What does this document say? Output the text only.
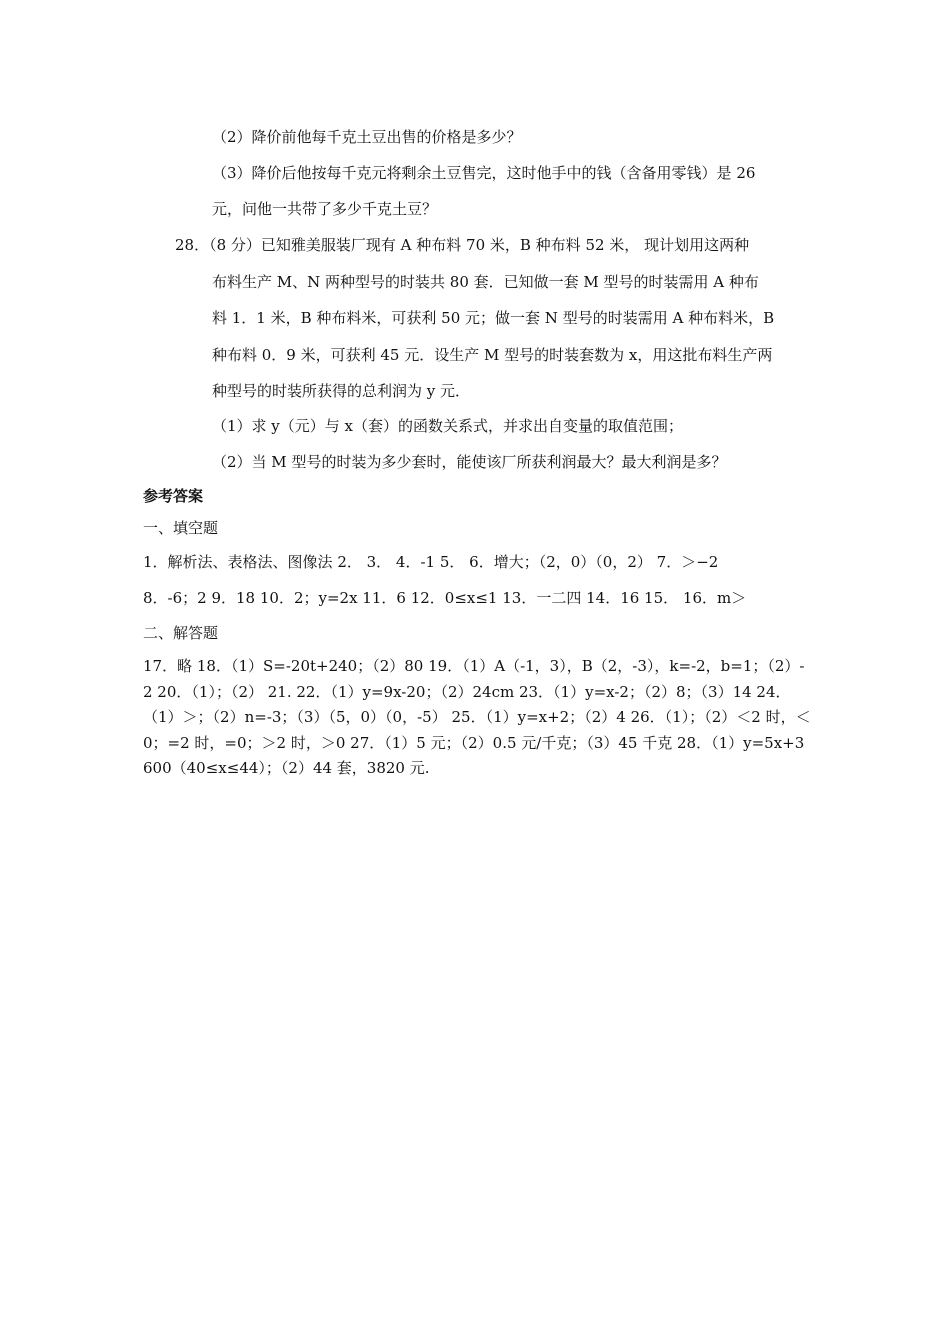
（2）降价前他每千克土豆出售的价格是多少？
（3）降价后他按每千克元将剩余土豆售完，这时他手中的钱（含备用零钱）是 26
元，问他一共带了多少千克土豆？
28．（8 分）已知雅美服装厂现有 A 种布料 70 米，B 种布料 52 米， 现计划用这两种
布料生产 M、N 两种型号的时装共 80 套．已知做一套 M 型号的时装需用 A 种布
料 1．1 米，B 种布料米，可获利 50 元；做一套 N 型号的时装需用 A 种布料米，B
种布料 0．9 米，可获利 45 元．设生产 M 型号的时装套数为 x，用这批布料生产两
种型号的时装所获得的总利润为 y 元．
（1）求 y（元）与 x（套）的函数关系式，并求出自变量的取值范围；
（2）当 M 型号的时装为多少套时，能使该厂所获利润最大？最大利润是多？
参考答案
一、填空题
1．解析法、表格法、图像法 2． 3． 4．-1 5． 6．增大；（2，0）（0，2） 7．＞−2
8．-6；2 9．18 10．2；y=2x 11．6 12．0≤x≤1 13．一二四 14．16 15． 16．m＞
二、解答题
17．略 18．（1）S=-20t+240；（2）80 19．（1）A（-1，3），B（2，-3），k=-2，b=1；（2）-2 20．（1）；（2） 21. 22．（1）y=9x-20；（2）24cm 23．（1）y=x-2；（2）8；（3）14 24．（1）＞；（2）n=-3；（3）（5，0）（0，-5） 25．（1）y=x+2；（2）4 26．（1）；（2）＜2 时，＜0；=2 时，=0；＞2 时，＞0 27．（1）5 元；（2）0.5 元/千克；（3）45 千克 28．（1）y=5x+3600（40≤x≤44）；（2）44 套，3820 元.
